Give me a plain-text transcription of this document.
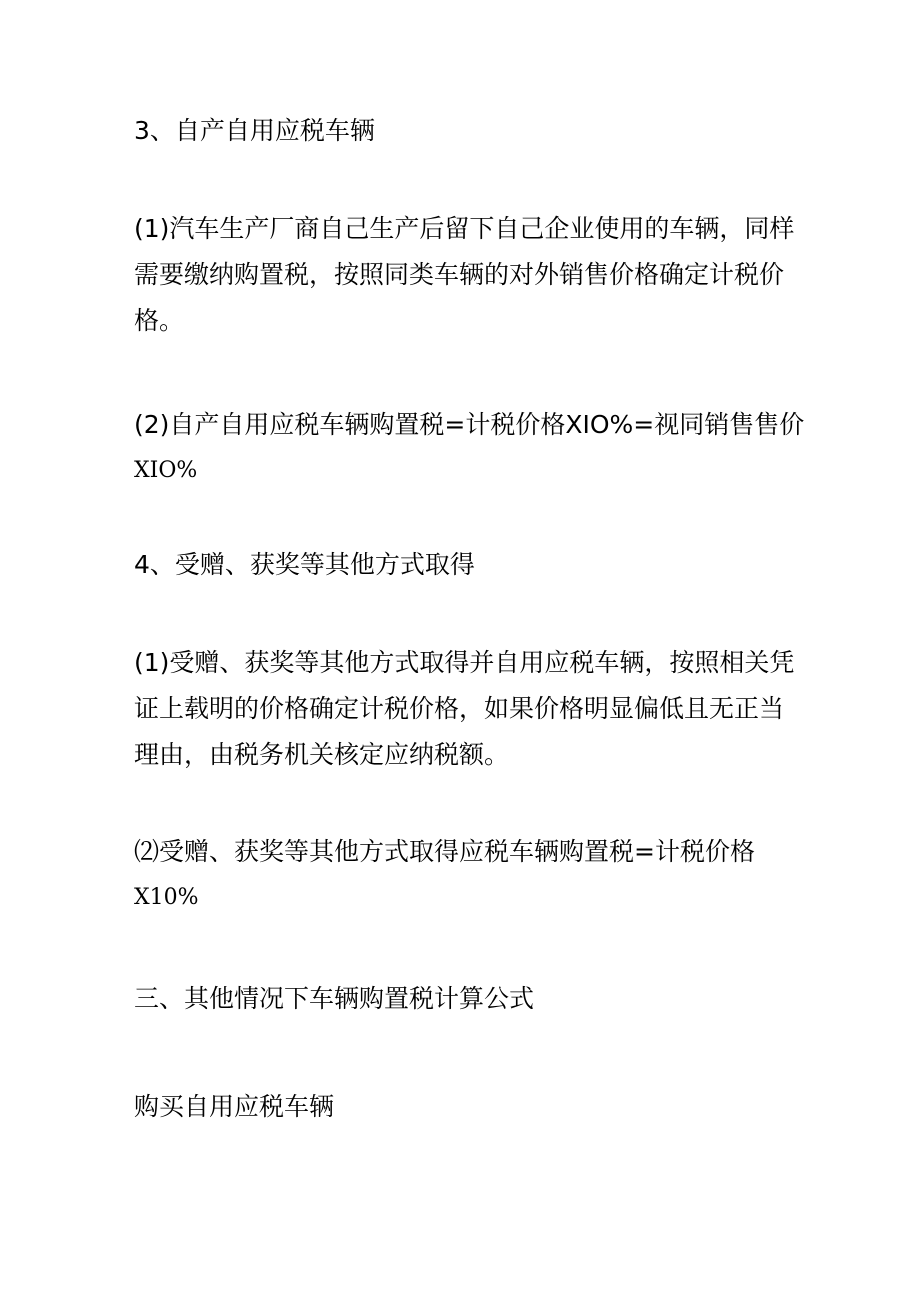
3、自产自用应税车辆

(1)汽车生产厂商自己生产后留下自己企业使用的车辆，同样
需要缴纳购置税，按照同类车辆的对外销售价格确定计税价
格。

(2)自产自用应税车辆购置税=计税价格XIO%=视同销售售价
XIO%

4、受赠、获奖等其他方式取得

(1)受赠、获奖等其他方式取得并自用应税车辆，按照相关凭
证上载明的价格确定计税价格，如果价格明显偏低且无正当
理由，由税务机关核定应纳税额。

⑵受赠、获奖等其他方式取得应税车辆购置税=计税价格
X10%

三、其他情况下车辆购置税计算公式

购买自用应税车辆
